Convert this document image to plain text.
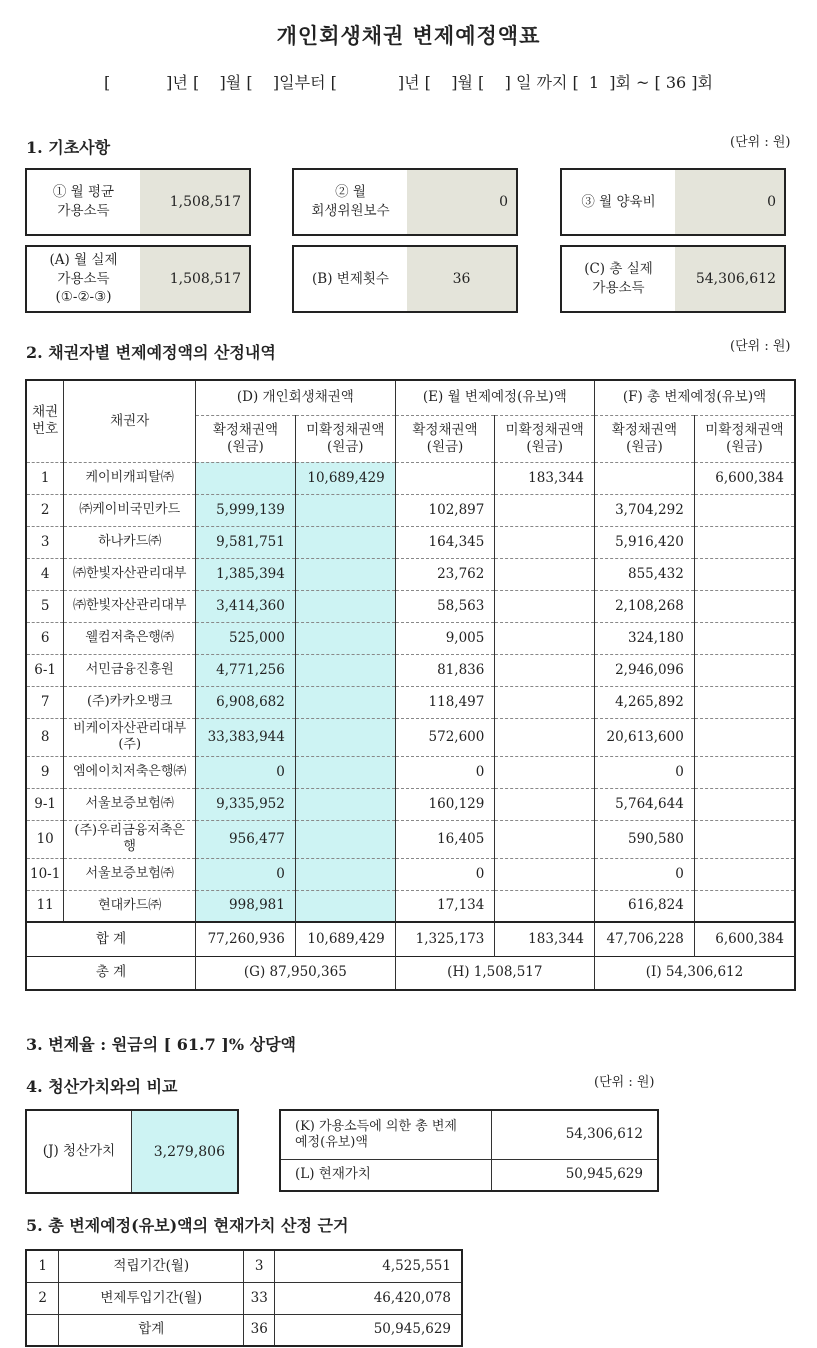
개인회생채권 변제예정액표
[           ]년 [    ]월 [    ]일부터 [            ]년 [    ]월 [    ] 일 까지 [  1  ]회 ~ [ 36 ]회
1. 기초사항	(단위 : 원)
① 월 평균
가용소득
1,508,517
② 월
회생위원보수
0	③ 월 양육비	0
(A) 월 실제
가용소득
(①-②-③)
1,508,517	(B) 변제횟수	36
(C) 총 실제
가용소득
54,306,612
2. 채권자별 변제예정액의 산정내역	(단위 : 원)
채권
번호	채권자	(D) 개인회생채권액		(E) 월 변제예정(유보)액		(F) 총 변제예정(유보)액	
		확정채권액
(원금)	미확정채권액
(원금)	확정채권액
(원금)	미확정채권액
(원금)	확정채권액
(원금)	미확정채권액
(원금)
1	케이비캐피탈㈜		10,689,429		183,344		6,600,384
2	㈜케이비국민카드	5,999,139		102,897		3,704,292	
3	하나카드㈜	9,581,751		164,345		5,916,420	
4	㈜한빛자산관리대부	1,385,394		23,762		855,432	
5	㈜한빛자산관리대부	3,414,360		58,563		2,108,268	
6	웰컴저축은행㈜	525,000		9,005		324,180	
6-1	서민금융진흥원	4,771,256		81,836		2,946,096	
7	(주)카카오뱅크	6,908,682		118,497		4,265,892	
8	비케이자산관리대부
(주)	33,383,944		572,600		20,613,600	
9	엠에이치저축은행㈜	0		0		0	
9-1	서울보증보험㈜	9,335,952		160,129		5,764,644	
10	(주)우리금융저축은
행	956,477		16,405		590,580	
10-1	서울보증보험㈜	0		0		0	
11	현대카드㈜	998,981		17,134		616,824	
합 계		77,260,936	10,689,429	1,325,173	183,344	47,706,228	6,600,384
총 계		(G) 87,950,365		(H) 1,508,517		(I) 54,306,612	
3. 변제율 : 원금의 [ 61.7 ]% 상당액
4. 청산가치와의 비교	(단위 : 원)
(J) 청산가치	3,279,806
(K) 가용소득에 의한 총 변제
예정(유보)액	54,306,612
(L) 현재가치	50,945,629
5. 총 변제예정(유보)액의 현재가치 산정 근거
1	적립기간(월)	3	4,525,551
2	변제투입기간(월)	33	46,420,078
	합계	36	50,945,629
